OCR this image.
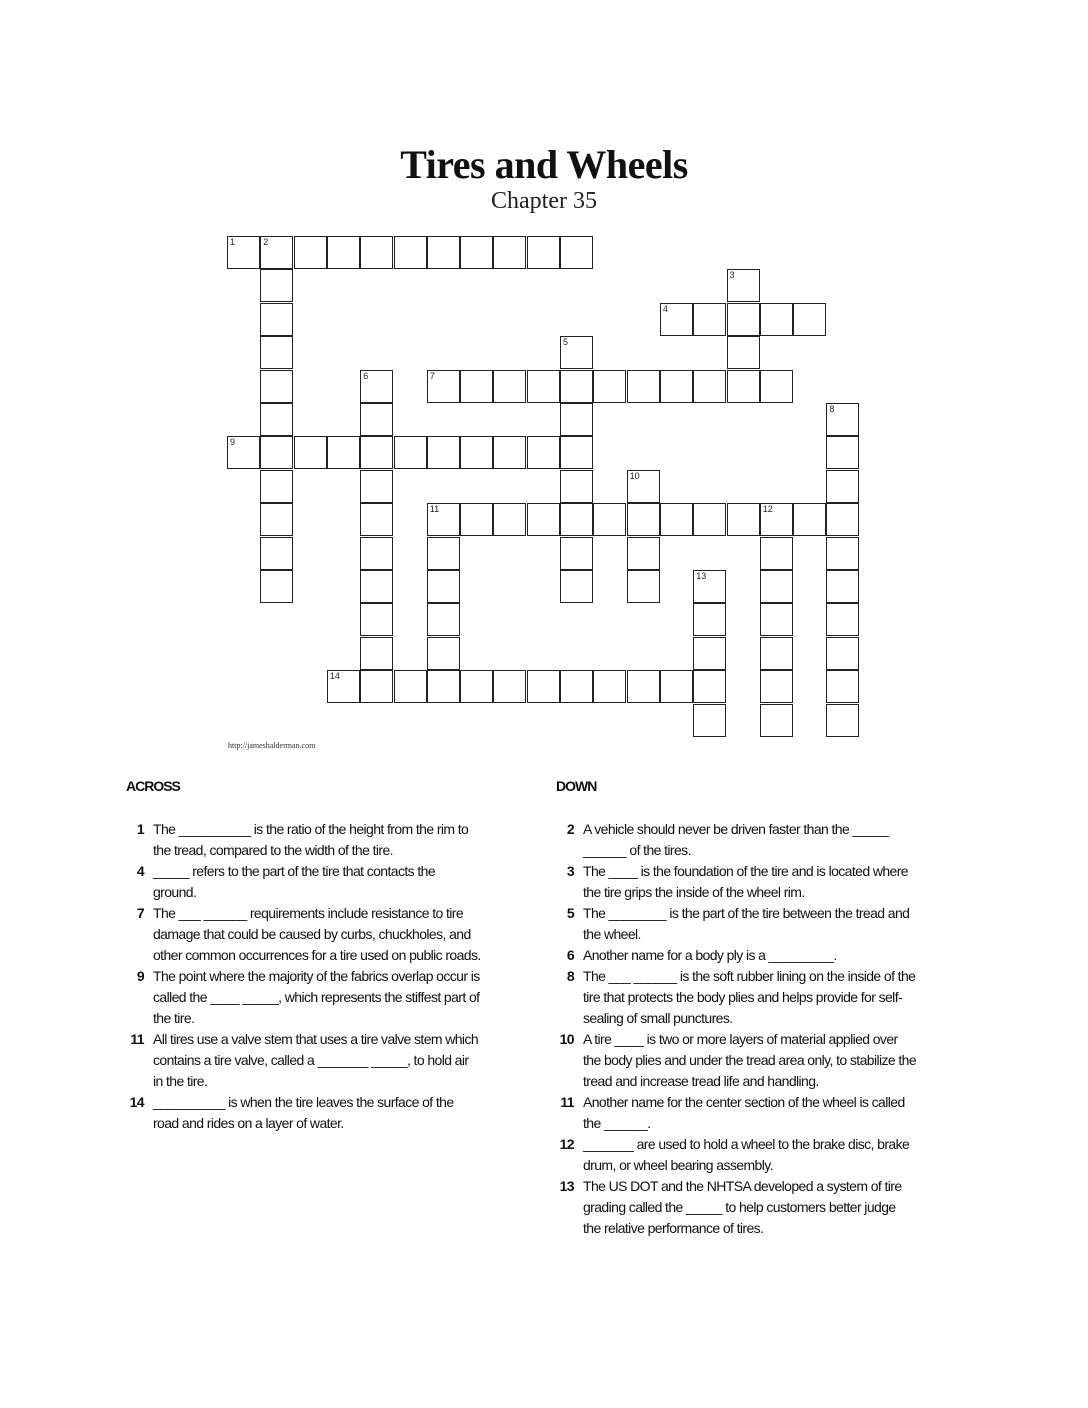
Tires and Wheels
Chapter 35
1	2
3
4
5
6	7
8
9
10
11	12
13
14
http://jameshalderman.com
ACROSS	DOWN
1 The __________ is the ratio of the height from the rim to the tread, compared to the width of the tire.
4 _____ refers to the part of the tire that contacts the ground.
7 The ___ ______ requirements include resistance to tire damage that could be caused by curbs, chuckholes, and other common occurrences for a tire used on public roads.
9 The point where the majority of the fabrics overlap occur is called the ____ _____, which represents the stiffest part of the tire.
11 All tires use a valve stem that uses a tire valve stem which contains a tire valve, called a _______ _____, to hold air in the tire.
14 __________ is when the tire leaves the surface of the road and rides on a layer of water.
2 A vehicle should never be driven faster than the _____ ______ of the tires.
3 The ____ is the foundation of the tire and is located where the tire grips the inside of the wheel rim.
5 The ________ is the part of the tire between the tread and the wheel.
6 Another name for a body ply is a _________.
8 The ___ ______ is the soft rubber lining on the inside of the tire that protects the body plies and helps provide for self-sealing of small punctures.
10 A tire ____ is two or more layers of material applied over the body plies and under the tread area only, to stabilize the tread and increase tread life and handling.
11 Another name for the center section of the wheel is called the ______.
12 _______ are used to hold a wheel to the brake disc, brake drum, or wheel bearing assembly.
13 The US DOT and the NHTSA developed a system of tire grading called the _____ to help customers better judge the relative performance of tires.
